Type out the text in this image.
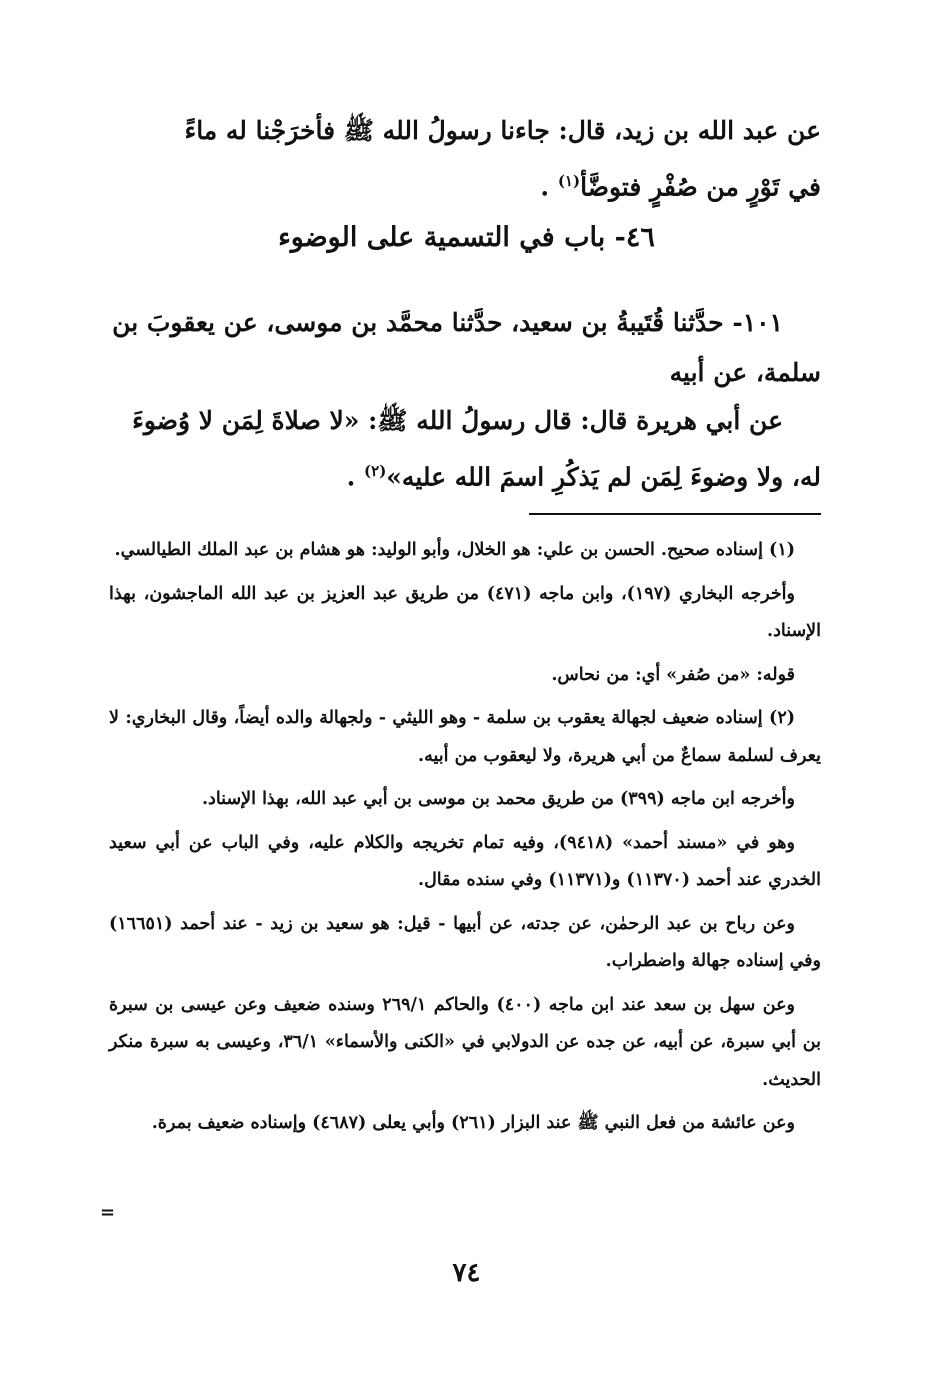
عن عبد الله بن زيد، قال: جاءنا رسولُ الله ﷺ فأخرَجْنا له ماءً
في تَوْرٍ من صُفْرٍ فتوضَّأ$^{(١)}$ .
٤٦- باب في التسمية على الوضوء
١٠١- حدَّثنا قُتَيبةُ بن سعيد، حدَّثنا محمَّد بن موسى، عن يعقوبَ بن
سلمة، عن أبيه
عن أبي هريرة قال: قال رسولُ الله ﷺ: «لا صلاةَ لِمَن لا وُضوءَ
له، ولا وضوءَ لِمَن لم يَذكُرِ اسمَ الله عليه»$^{(٢)}$ .

(١) إسناده صحيح. الحسن بن علي: هو الخلال، وأبو الوليد: هو هشام بن عبد الملك الطيالسي.

وأخرجه البخاري (١٩٧)، وابن ماجه (٤٧١) من طريق عبد العزيز بن عبد الله الماجشون، بهذا الإسناد.

قوله: «من صُفر» أي: من نحاس.

(٢) إسناده ضعيف لجهالة يعقوب بن سلمة - وهو الليثي - ولجهالة والده أيضاً، وقال البخاري: لا يعرف لسلمة سماعٌ من أبي هريرة، ولا ليعقوب من أبيه.

وأخرجه ابن ماجه (٣٩٩) من طريق محمد بن موسى بن أبي عبد الله، بهذا الإسناد.

وهو في «مسند أحمد» (٩٤١٨)، وفيه تمام تخريجه والكلام عليه، وفي الباب عن أبي سعيد الخدري عند أحمد (١١٣٧٠) و(١١٣٧١) وفي سنده مقال.

وعن رباح بن عبد الرحمٰن، عن جدته، عن أبيها - قيل: هو سعيد بن زيد - عند أحمد (١٦٦٥١) وفي إسناده جهالة واضطراب.

وعن سهل بن سعد عند ابن ماجه (٤٠٠) والحاكم ٢٦٩/١ وسنده ضعيف وعن عيسى بن سبرة بن أبي سبرة، عن أبيه، عن جده عن الدولابي في «الكنى والأسماء» ٣٦/١، وعيسى به سبرة منكر الحديث.

وعن عائشة من فعل النبي ﷺ عند البزار (٢٦١) وأبي يعلى (٤٦٨٧) وإسناده ضعيف بمرة.

=
٧٤
